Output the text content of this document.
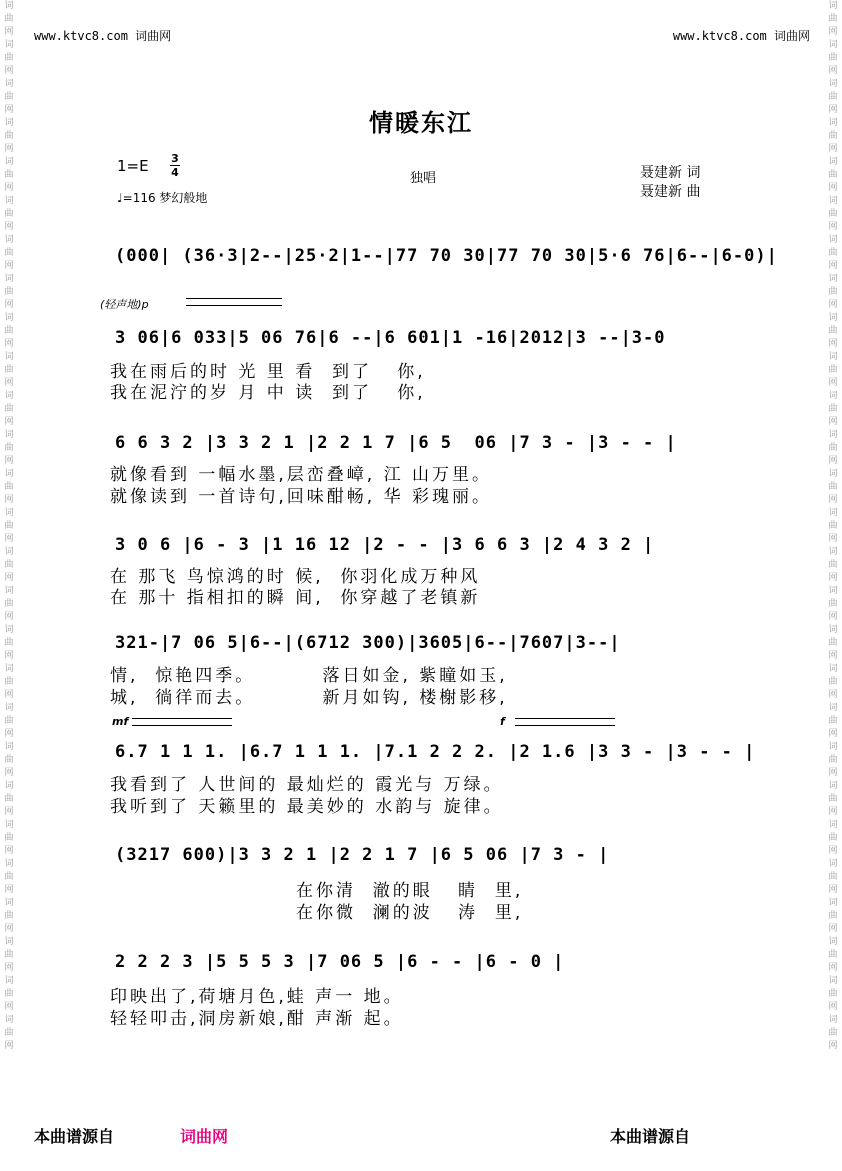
词曲网词曲网词曲网词曲网词曲网词曲网词曲网词曲网词曲网词曲网词曲网词曲网词曲网词曲网词曲网词曲网词曲网词曲网词曲网词曲网词曲网词曲网词曲网词曲网词曲网词曲网词曲网
词曲网词曲网词曲网词曲网词曲网词曲网词曲网词曲网词曲网词曲网词曲网词曲网词曲网词曲网词曲网词曲网词曲网词曲网词曲网词曲网词曲网词曲网词曲网词曲网词曲网词曲网词曲网
www.ktvc8.com 词曲网	www.ktvc8.com 词曲网
情暖东江
1=E 3
4
♩=116 梦幻般地
独唱	聂建新 词
聂建新 曲
(000| (36·3|2--|25·2|1--|77 70 30|77 70 30|5·6 76|6--|6-0)|
(轻声地)p
3 06|6 033|5 06 76|6 --|6 601|1 -16|2012|3 --|3-0
我在雨后的时 光 里 看  到了   你,
我在泥泞的岁 月 中 读  到了   你,
6 6 3 2 |3 3 2 1 |2 2 1 7 |6 5  06 |7 3 - |3 - - |
就像看到 一幅水墨,层峦叠嶂, 江 山万里。
就像读到 一首诗句,回味酣畅, 华 彩瑰丽。
3 0 6 |6 - 3 |1 16 12 |2 - - |3 6 6 3 |2 4 3 2 |
在 那飞 鸟惊鸿的时 候,  你羽化成万种风
在 那十 指相扣的瞬 间,  你穿越了老镇新
321-|7 06 5|6--|(6712 300)|3605|6--|7607|3--|
情,  惊艳四季。        落日如金, 紫瞳如玉,
城,  徜徉而去。        新月如钩, 楼榭影移,
mf	f
6.7 1 1 1. |6.7 1 1 1. |7.1 2 2 2. |2 1.6 |3 3 - |3 - - |
我看到了 人世间的 最灿烂的 霞光与 万绿。
我听到了 天籁里的 最美妙的 水韵与 旋律。
(3217 600)|3 3 2 1 |2 2 1 7 |6 5 06 |7 3 - |
在你清  澈的眼   睛  里,
在你微  澜的波   涛  里,
2 2 2 3 |5 5 5 3 |7 06 5 |6 - - |6 - 0 |
印映出了,荷塘月色,蛙 声一 地。
轻轻叩击,洞房新娘,酣 声渐 起。
本曲谱源自	词曲网	本曲谱源自
